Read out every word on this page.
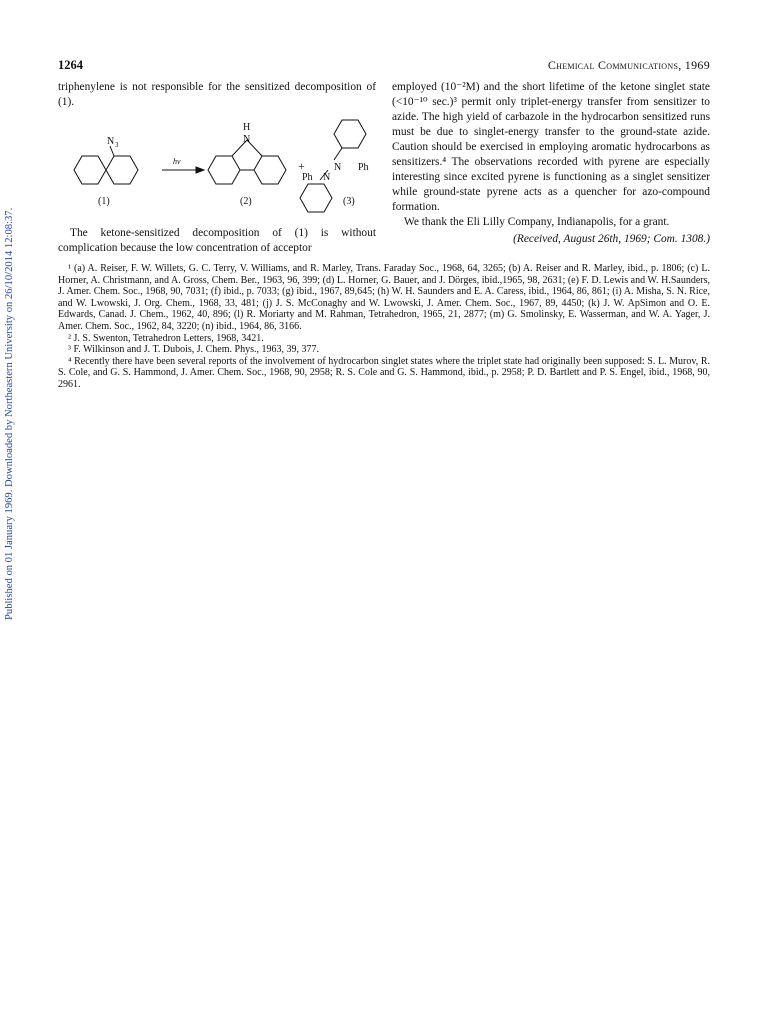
Published on 01 January 1969. Downloaded by Northeastern University on 26/10/2014 12:08:37.
1264	Chemical Communications, 1969
triphenylene is not responsible for the sensitized decomposition of (1).
N 3
hν
H
N
+	N Ph
Ph N
(1)	(2)	(3)

The ketone-sensitized decomposition of (1) is without complication because the low concentration of acceptor

employed (10⁻²M) and the short lifetime of the ketone singlet state (<10⁻¹⁰ sec.)³ permit only triplet-energy transfer from sensitizer to azide. The high yield of carbazole in the hydrocarbon sensitized runs must be due to singlet-energy transfer to the ground-state azide. Caution should be exercised in employing aromatic hydrocarbons as sensitizers.⁴ The observations recorded with pyrene are especially interesting since excited pyrene is functioning as a singlet sensitizer while ground-state pyrene acts as a quencher for azo-compound formation.

We thank the Eli Lilly Company, Indianapolis, for a grant.

(Received, August 26th, 1969; Com. 1308.)

¹ (a) A. Reiser, F. W. Willets, G. C. Terry, V. Williams, and R. Marley, Trans. Faraday Soc., 1968, 64, 3265; (b) A. Reiser and R. Marley, ibid., p. 1806; (c) L. Horner, A. Christmann, and A. Gross, Chem. Ber., 1963, 96, 399; (d) L. Horner, G. Bauer, and J. Dörges, ibid.,1965, 98, 2631; (e) F. D. Lewis and W. H.Saunders, J. Amer. Chem. Soc., 1968, 90, 7031; (f) ibid., p. 7033; (g) ibid., 1967, 89,645; (h) W. H. Saunders and E. A. Caress, ibid., 1964, 86, 861; (i) A. Misha, S. N. Rice, and W. Lwowski, J. Org. Chem., 1968, 33, 481; (j) J. S. McConaghy and W. Lwowski, J. Amer. Chem. Soc., 1967, 89, 4450; (k) J. W. ApSimon and O. E. Edwards, Canad. J. Chem., 1962, 40, 896; (l) R. Moriarty and M. Rahman, Tetrahedron, 1965, 21, 2877; (m) G. Smolinsky, E. Wasserman, and W. A. Yager, J. Amer. Chem. Soc., 1962, 84, 3220; (n) ibid., 1964, 86, 3166.

² J. S. Swenton, Tetrahedron Letters, 1968, 3421.

³ F. Wilkinson and J. T. Dubois, J. Chem. Phys., 1963, 39, 377.

⁴ Recently there have been several reports of the involvement of hydrocarbon singlet states where the triplet state had originally been supposed: S. L. Murov, R. S. Cole, and G. S. Hammond, J. Amer. Chem. Soc., 1968, 90, 2958; R. S. Cole and G. S. Hammond, ibid., p. 2958; P. D. Bartlett and P. S. Engel, ibid., 1968, 90, 2961.
